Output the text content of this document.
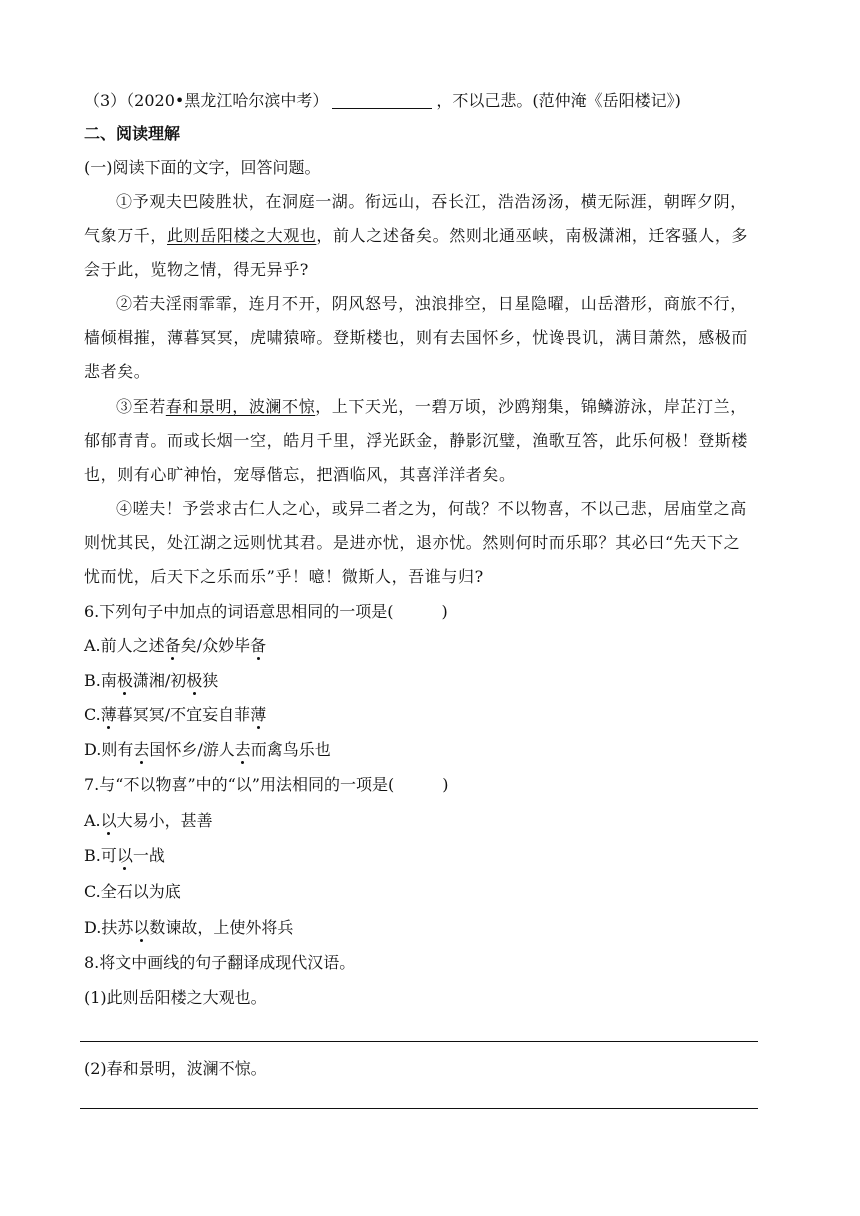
（3）（2020•黑龙江哈尔滨中考）	，不以己悲。(范仲淹《岳阳楼记》)
二、阅读理解
(一)阅读下面的文字，回答问题。
①予观夫巴陵胜状，在洞庭一湖。衔远山，吞长江，浩浩汤汤，横无际涯，朝晖夕阴，
气象万千，此则岳阳楼之大观也，前人之述备矣。然则北通巫峡，南极潇湘，迁客骚人，多
会于此，览物之情，得无异乎?
②若夫淫雨霏霏，连月不开，阴风怒号，浊浪排空，日星隐曜，山岳潜形，商旅不行，
樯倾楫摧，薄暮冥冥，虎啸猿啼。登斯楼也，则有去国怀乡，忧谗畏讥，满目萧然，感极而
悲者矣。
③至若春和景明，波澜不惊，上下天光，一碧万顷，沙鸥翔集，锦鳞游泳，岸芷汀兰，
郁郁青青。而或长烟一空，皓月千里，浮光跃金，静影沉璧，渔歌互答，此乐何极！登斯楼
也，则有心旷神怡，宠辱偕忘，把酒临风，其喜洋洋者矣。
④嗟夫！予尝求古仁人之心，或异二者之为，何哉？不以物喜，不以己悲，居庙堂之高
则忧其民，处江湖之远则忧其君。是进亦忧，退亦忧。然则何时而乐耶？其必曰“先天下之
忧而忧，后天下之乐而乐”乎！噫！微斯人，吾谁与归?
6.下列句子中加点的词语意思相同的一项是(　　　)
A.前人之述备矣/众妙毕备
B.南极潇湘/初极狭
C.薄暮冥冥/不宜妄自菲薄
D.则有去国怀乡/游人去而禽鸟乐也
7.与“不以物喜”中的“以”用法相同的一项是(　　　)
A.以大易小，甚善
B.可以一战
C.全石以为底
D.扶苏以数谏故，上使外将兵
8.将文中画线的句子翻译成现代汉语。
(1)此则岳阳楼之大观也。
(2)春和景明，波澜不惊。
